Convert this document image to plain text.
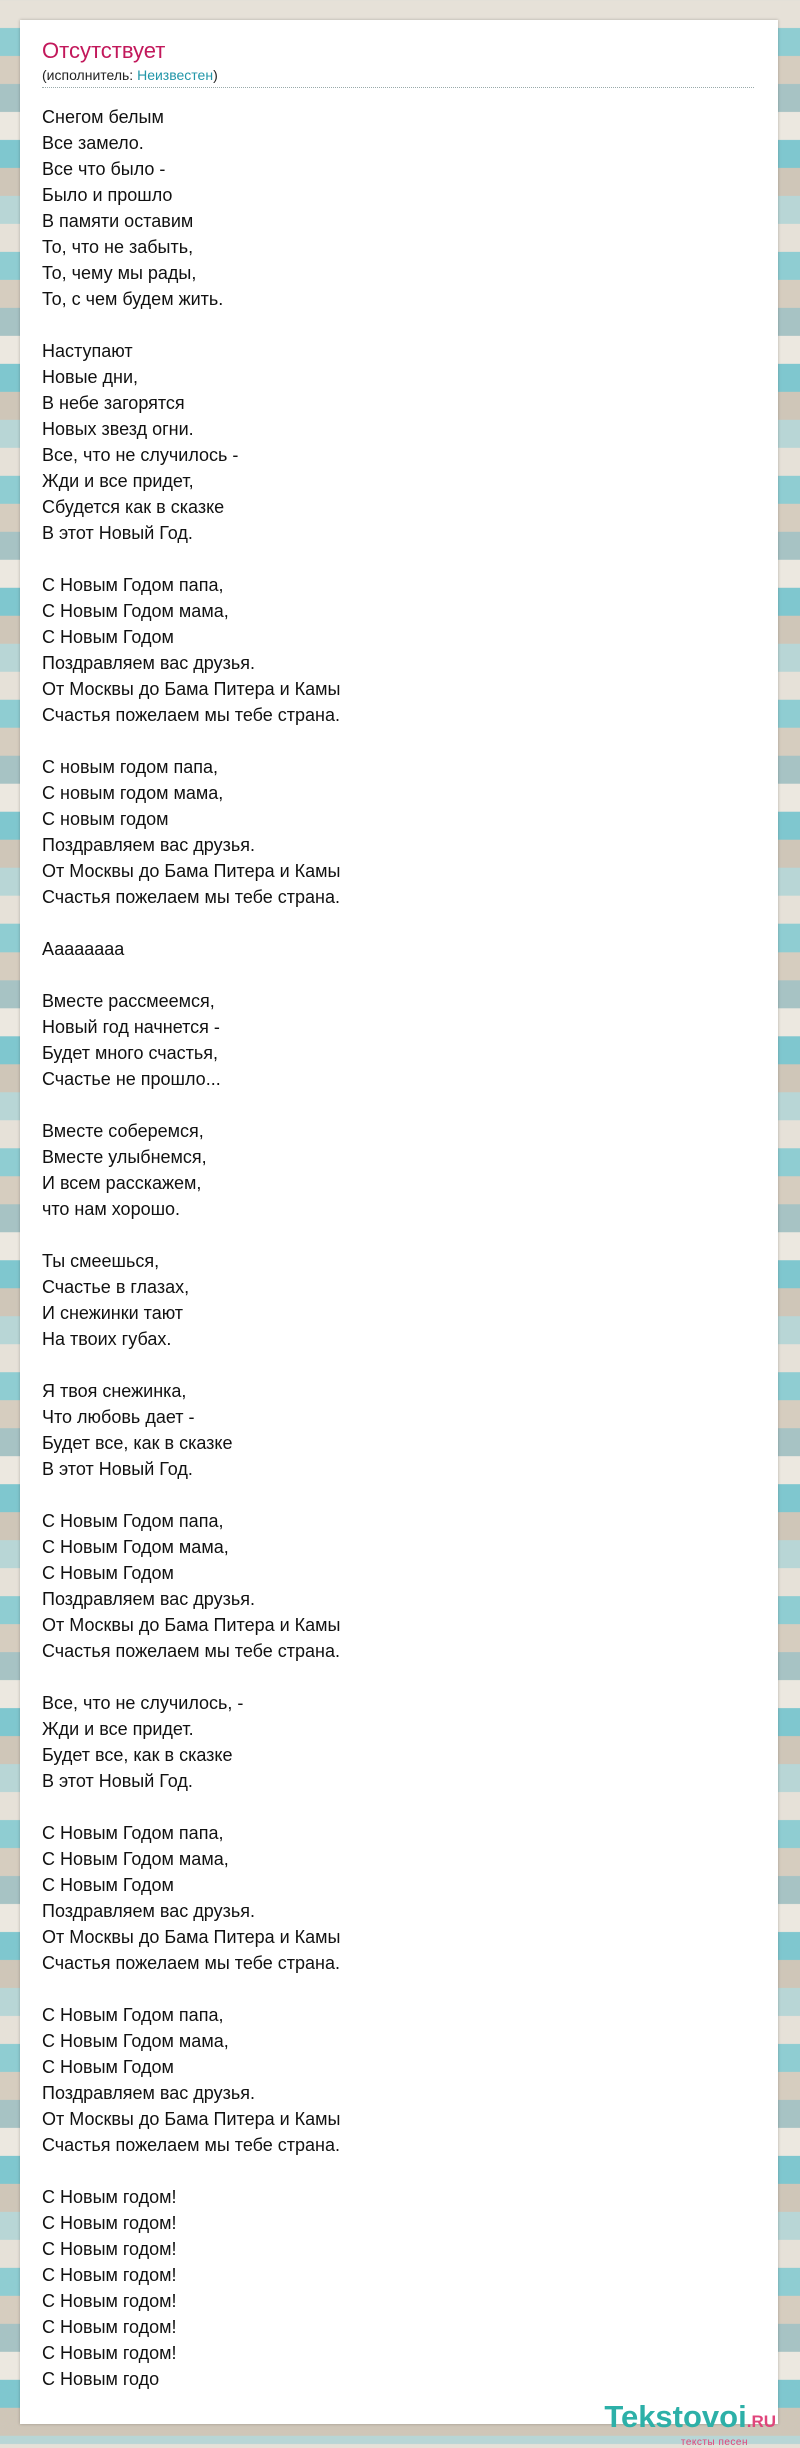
Отсутствует
(исполнитель: Неизвестен)
Снегом белым
Все замело.
Все что было -
Было и прошло
В памяти оставим
То, что не забыть,
То, чему мы рады,
То, с чем будем жить.
Наступают
Новые дни,
В небе загорятся
Новых звезд огни.
Все, что не случилось -
Жди и все придет,
Сбудется как в сказке
В этот Новый Год.
С Новым Годом папа,
С Новым Годом мама,
С Новым Годом
Поздравляем вас друзья.
От Москвы до Бама Питера и Камы
Счастья пожелаем мы тебе страна.
С новым годом папа,
С новым годом мама,
С новым годом
Поздравляем вас друзья.
От Москвы до Бама Питера и Камы
Счастья пожелаем мы тебе страна.
Аааааааа
Вместе рассмеемся,
Новый год начнется -
Будет много счастья,
Счастье не прошло...
Вместе соберемся,
Вместе улыбнемся,
И всем расскажем,
что нам хорошо.
Ты смеешься,
Счастье в глазах,
И снежинки тают
На твоих губах.
Я твоя снежинка,
Что любовь дает -
Будет все, как в сказке
В этот Новый Год.
С Новым Годом папа,
С Новым Годом мама,
С Новым Годом
Поздравляем вас друзья.
От Москвы до Бама Питера и Камы
Счастья пожелаем мы тебе страна.
Все, что не случилось, -
Жди и все придет.
Будет все, как в сказке
В этот Новый Год.
С Новым Годом папа,
С Новым Годом мама,
С Новым Годом
Поздравляем вас друзья.
От Москвы до Бама Питера и Камы
Счастья пожелаем мы тебе страна.
С Новым Годом папа,
С Новым Годом мама,
С Новым Годом
Поздравляем вас друзья.
От Москвы до Бама Питера и Камы
Счастья пожелаем мы тебе страна.
С Новым годом!
С Новым годом!
С Новым годом!
С Новым годом!
С Новым годом!
С Новым годом!
С Новым годом!
С Новым годо
Tekstovoi.RU
тексты песен
